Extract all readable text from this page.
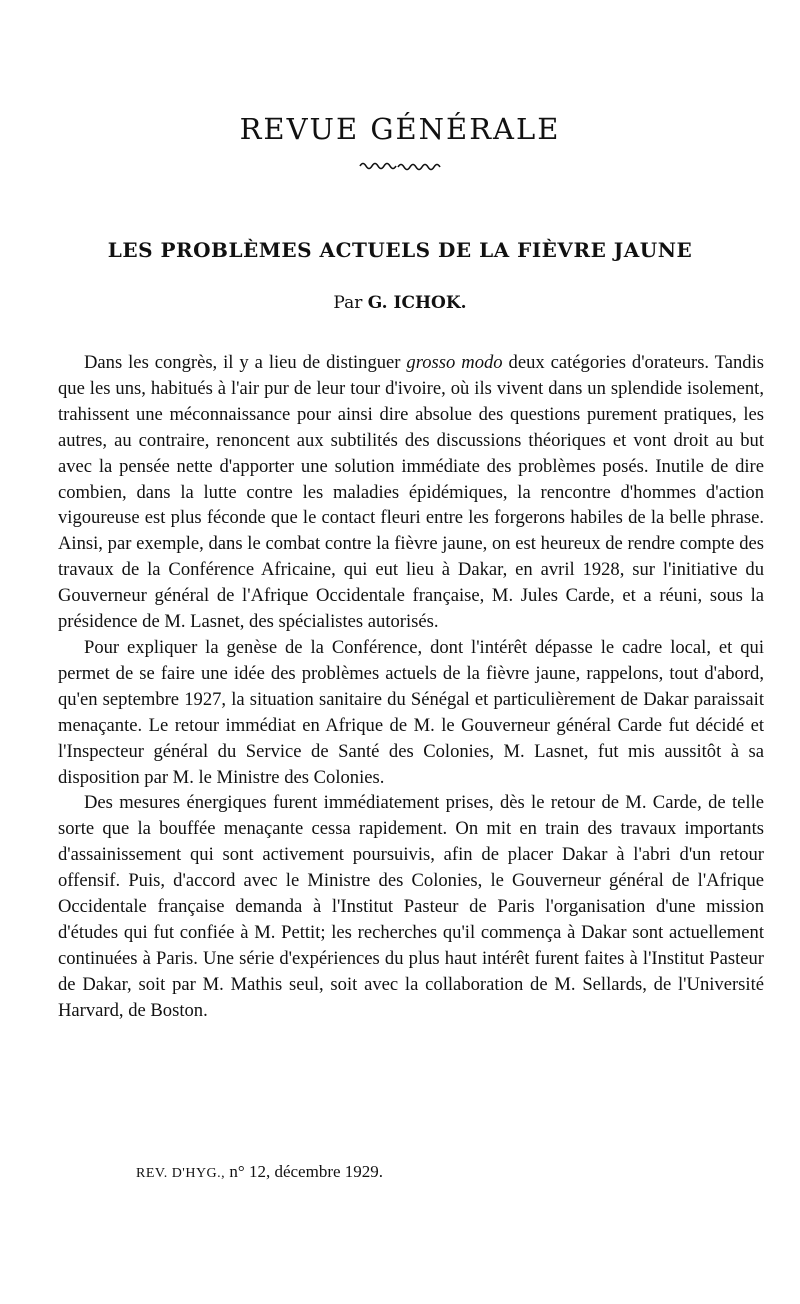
REVUE GÉNÉRALE
LES PROBLÈMES ACTUELS DE LA FIÈVRE JAUNE

Par G. ICHOK.

Dans les congrès, il y a lieu de distinguer grosso modo deux catégories d'orateurs. Tandis que les uns, habitués à l'air pur de leur tour d'ivoire, où ils vivent dans un splendide isolement, trahissent une méconnaissance pour ainsi dire absolue des questions purement pratiques, les autres, au contraire, renoncent aux subtilités des discussions théoriques et vont droit au but avec la pensée nette d'apporter une solution immédiate des problèmes posés. Inutile de dire combien, dans la lutte contre les maladies épidémiques, la rencontre d'hommes d'action vigoureuse est plus féconde que le contact fleuri entre les forgerons habiles de la belle phrase. Ainsi, par exemple, dans le combat contre la fièvre jaune, on est heureux de rendre compte des travaux de la Conférence Africaine, qui eut lieu à Dakar, en avril 1928, sur l'initiative du Gouverneur général de l'Afrique Occidentale française, M. Jules Carde, et a réuni, sous la présidence de M. Lasnet, des spécialistes autorisés.

Pour expliquer la genèse de la Conférence, dont l'intérêt dépasse le cadre local, et qui permet de se faire une idée des problèmes actuels de la fièvre jaune, rappelons, tout d'abord, qu'en septembre 1927, la situation sanitaire du Sénégal et particulièrement de Dakar paraissait menaçante. Le retour immédiat en Afrique de M. le Gouverneur général Carde fut décidé et l'Inspecteur général du Service de Santé des Colonies, M. Lasnet, fut mis aussitôt à sa disposition par M. le Ministre des Colonies.

Des mesures énergiques furent immédiatement prises, dès le retour de M. Carde, de telle sorte que la bouffée menaçante cessa rapidement. On mit en train des travaux importants d'assainissement qui sont activement poursuivis, afin de placer Dakar à l'abri d'un retour offensif. Puis, d'accord avec le Ministre des Colonies, le Gouverneur général de l'Afrique Occidentale française demanda à l'Institut Pasteur de Paris l'organisation d'une mission d'études qui fut confiée à M. Pettit; les recherches qu'il commença à Dakar sont actuellement continuées à Paris. Une série d'expériences du plus haut intérêt furent faites à l'Institut Pasteur de Dakar, soit par M. Mathis seul, soit avec la collaboration de M. Sellards, de l'Université Harvard, de Boston.

REV. D'HYG., n° 12, décembre 1929.
